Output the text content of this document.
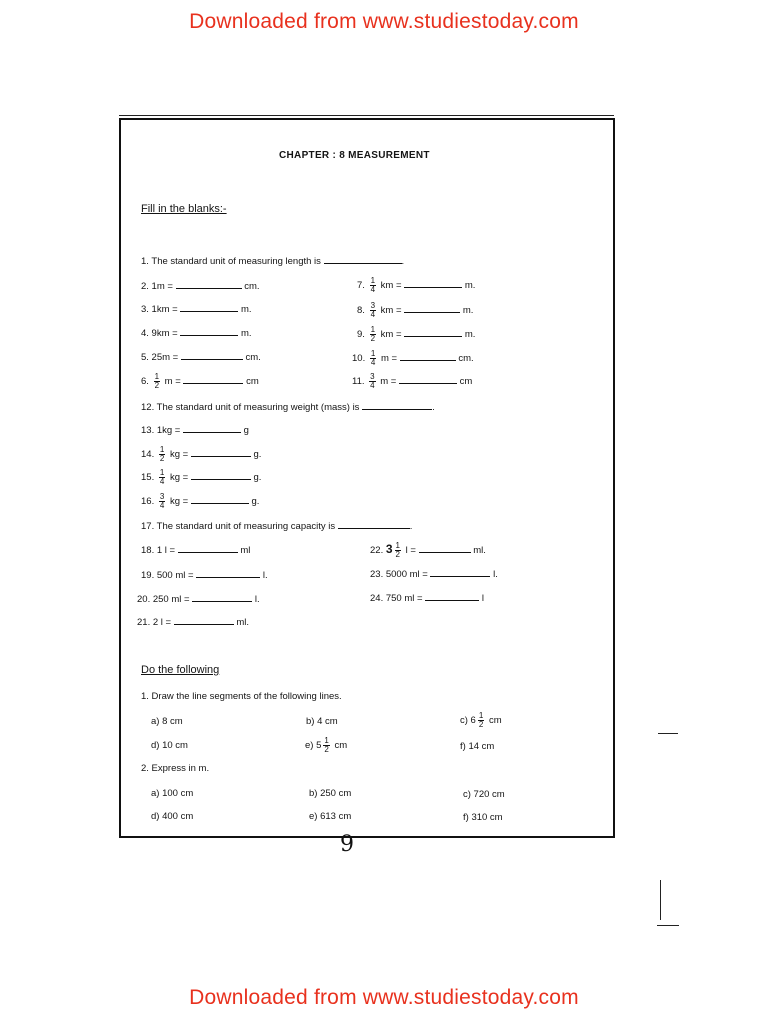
Downloaded from www.studiestoday.com
CHAPTER : 8 MEASUREMENT
Fill in the blanks:-
1. The standard unit of measuring length is	.
2. 1m =	cm.
3. 1km =	m.
4. 9km =	m.
5. 25m =	cm.
6. $\frac{1}{2}$ m =	cm
7. $\frac{1}{4}$ km =	m.
8. $\frac{3}{4}$ km =	m.
9. $\frac{1}{2}$ km =	m.
10. $\frac{1}{4}$ m =	cm.
11. $\frac{3}{4}$ m =	cm
12. The standard unit of measuring weight (mass) is	.
13. 1kg =	g
14. $\frac{1}{2}$ kg =	g.
15. $\frac{1}{4}$ kg =	g.
16. $\frac{3}{4}$ kg =	g.
17. The standard unit of measuring capacity is	.
18. 1 l =	ml
19. 500 ml =	l.
20. 250 ml =	l.
21. 2 l =	ml.
22. $3 \frac{1}{2}$ l =	ml.
23. 5000 ml =	l.
24. 750 ml =	l
Do the following
1. Draw the line segments of the following lines.
a) 8 cm	b) 4 cm	c) $6 \frac{1}{2}$ cm
d) 10 cm	e) $5 \frac{1}{2}$ cm	f) 14 cm
2. Express in m.
a) 100 cm	b) 250 cm	c) 720 cm
d) 400 cm	e) 613 cm	f) 310 cm
9
Downloaded from www.studiestoday.com
